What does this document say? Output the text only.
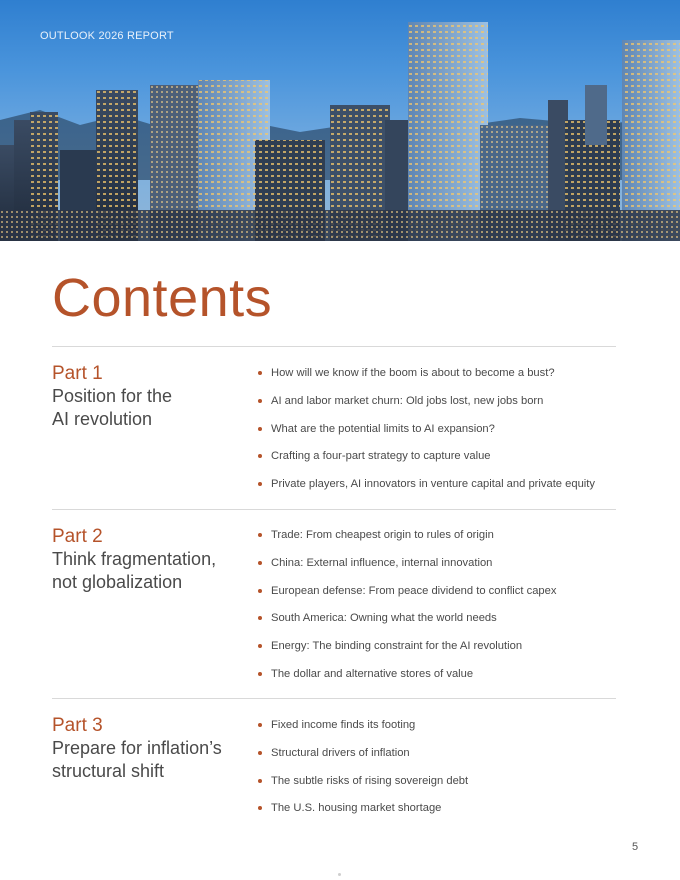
OUTLOOK 2026 REPORT
Contents
Part 1
Position for the
AI revolution
How will we know if the boom is about to become a bust?
AI and labor market churn: Old jobs lost, new jobs born
What are the potential limits to AI expansion?
Crafting a four-part strategy to capture value
Private players, AI innovators in venture capital and private equity
Part 2
Think fragmentation,
not globalization
Trade: From cheapest origin to rules of origin
China: External influence, internal innovation
European defense: From peace dividend to conflict capex
South America: Owning what the world needs
Energy: The binding constraint for the AI revolution
The dollar and alternative stores of value
Part 3
Prepare for inflation’s
structural shift
Fixed income finds its footing
Structural drivers of inflation
The subtle risks of rising sovereign debt
The U.S. housing market shortage
5
